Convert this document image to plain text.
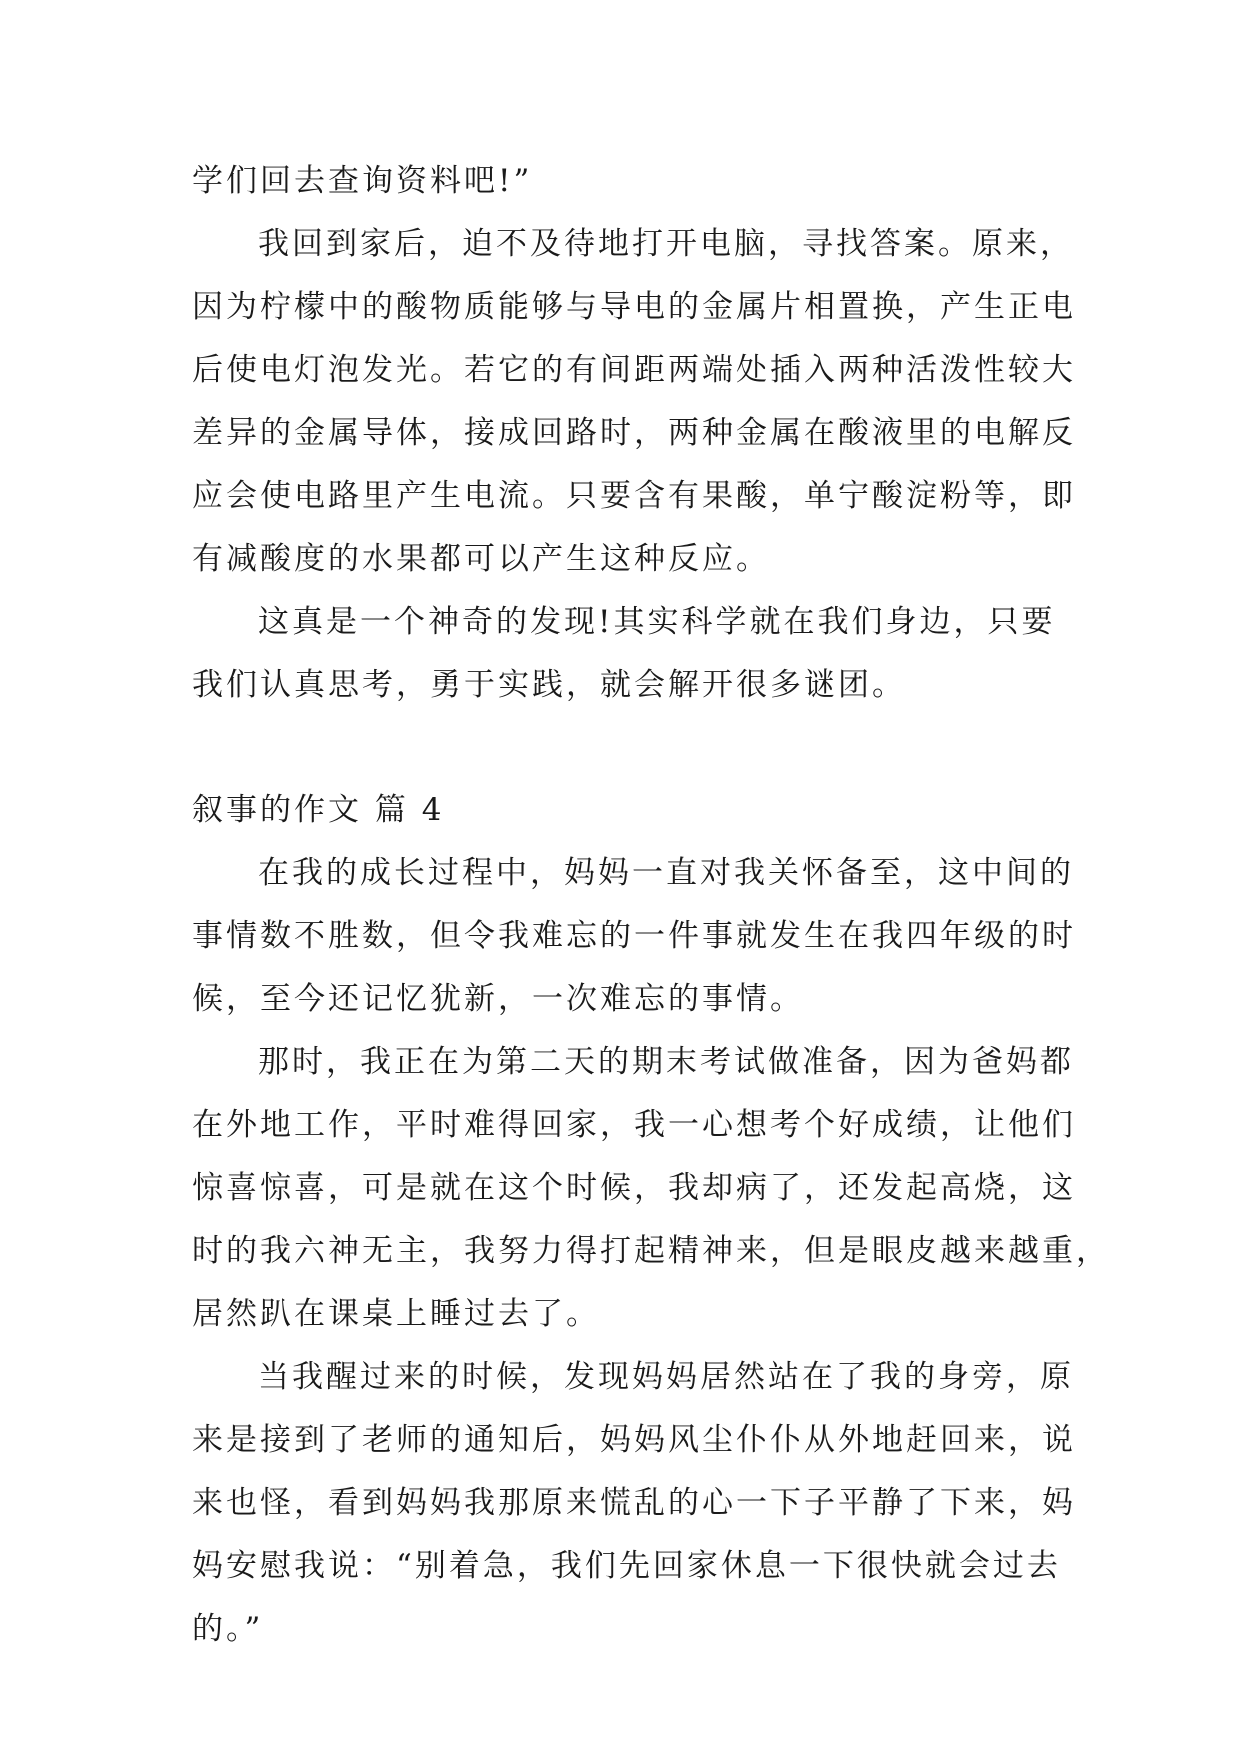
学们回去查询资料吧!”

我回到家后，迫不及待地打开电脑，寻找答案。原来，

因为柠檬中的酸物质能够与导电的金属片相置换，产生正电

后使电灯泡发光。若它的有间距两端处插入两种活泼性较大

差异的金属导体，接成回路时，两种金属在酸液里的电解反

应会使电路里产生电流。只要含有果酸，单宁酸淀粉等，即

有减酸度的水果都可以产生这种反应。

这真是一个神奇的发现!其实科学就在我们身边，只要

我们认真思考，勇于实践，就会解开很多谜团。

叙事的作文 篇 4

在我的成长过程中，妈妈一直对我关怀备至，这中间的

事情数不胜数，但令我难忘的一件事就发生在我四年级的时

候，至今还记忆犹新，一次难忘的事情。

那时，我正在为第二天的期末考试做准备，因为爸妈都

在外地工作，平时难得回家，我一心想考个好成绩，让他们

惊喜惊喜，可是就在这个时候，我却病了，还发起高烧，这

时的我六神无主，我努力得打起精神来，但是眼皮越来越重，

居然趴在课桌上睡过去了。

当我醒过来的时候，发现妈妈居然站在了我的身旁，原

来是接到了老师的通知后，妈妈风尘仆仆从外地赶回来，说

来也怪，看到妈妈我那原来慌乱的心一下子平静了下来，妈

妈安慰我说：“别着急，我们先回家休息一下很快就会过去

的。”
